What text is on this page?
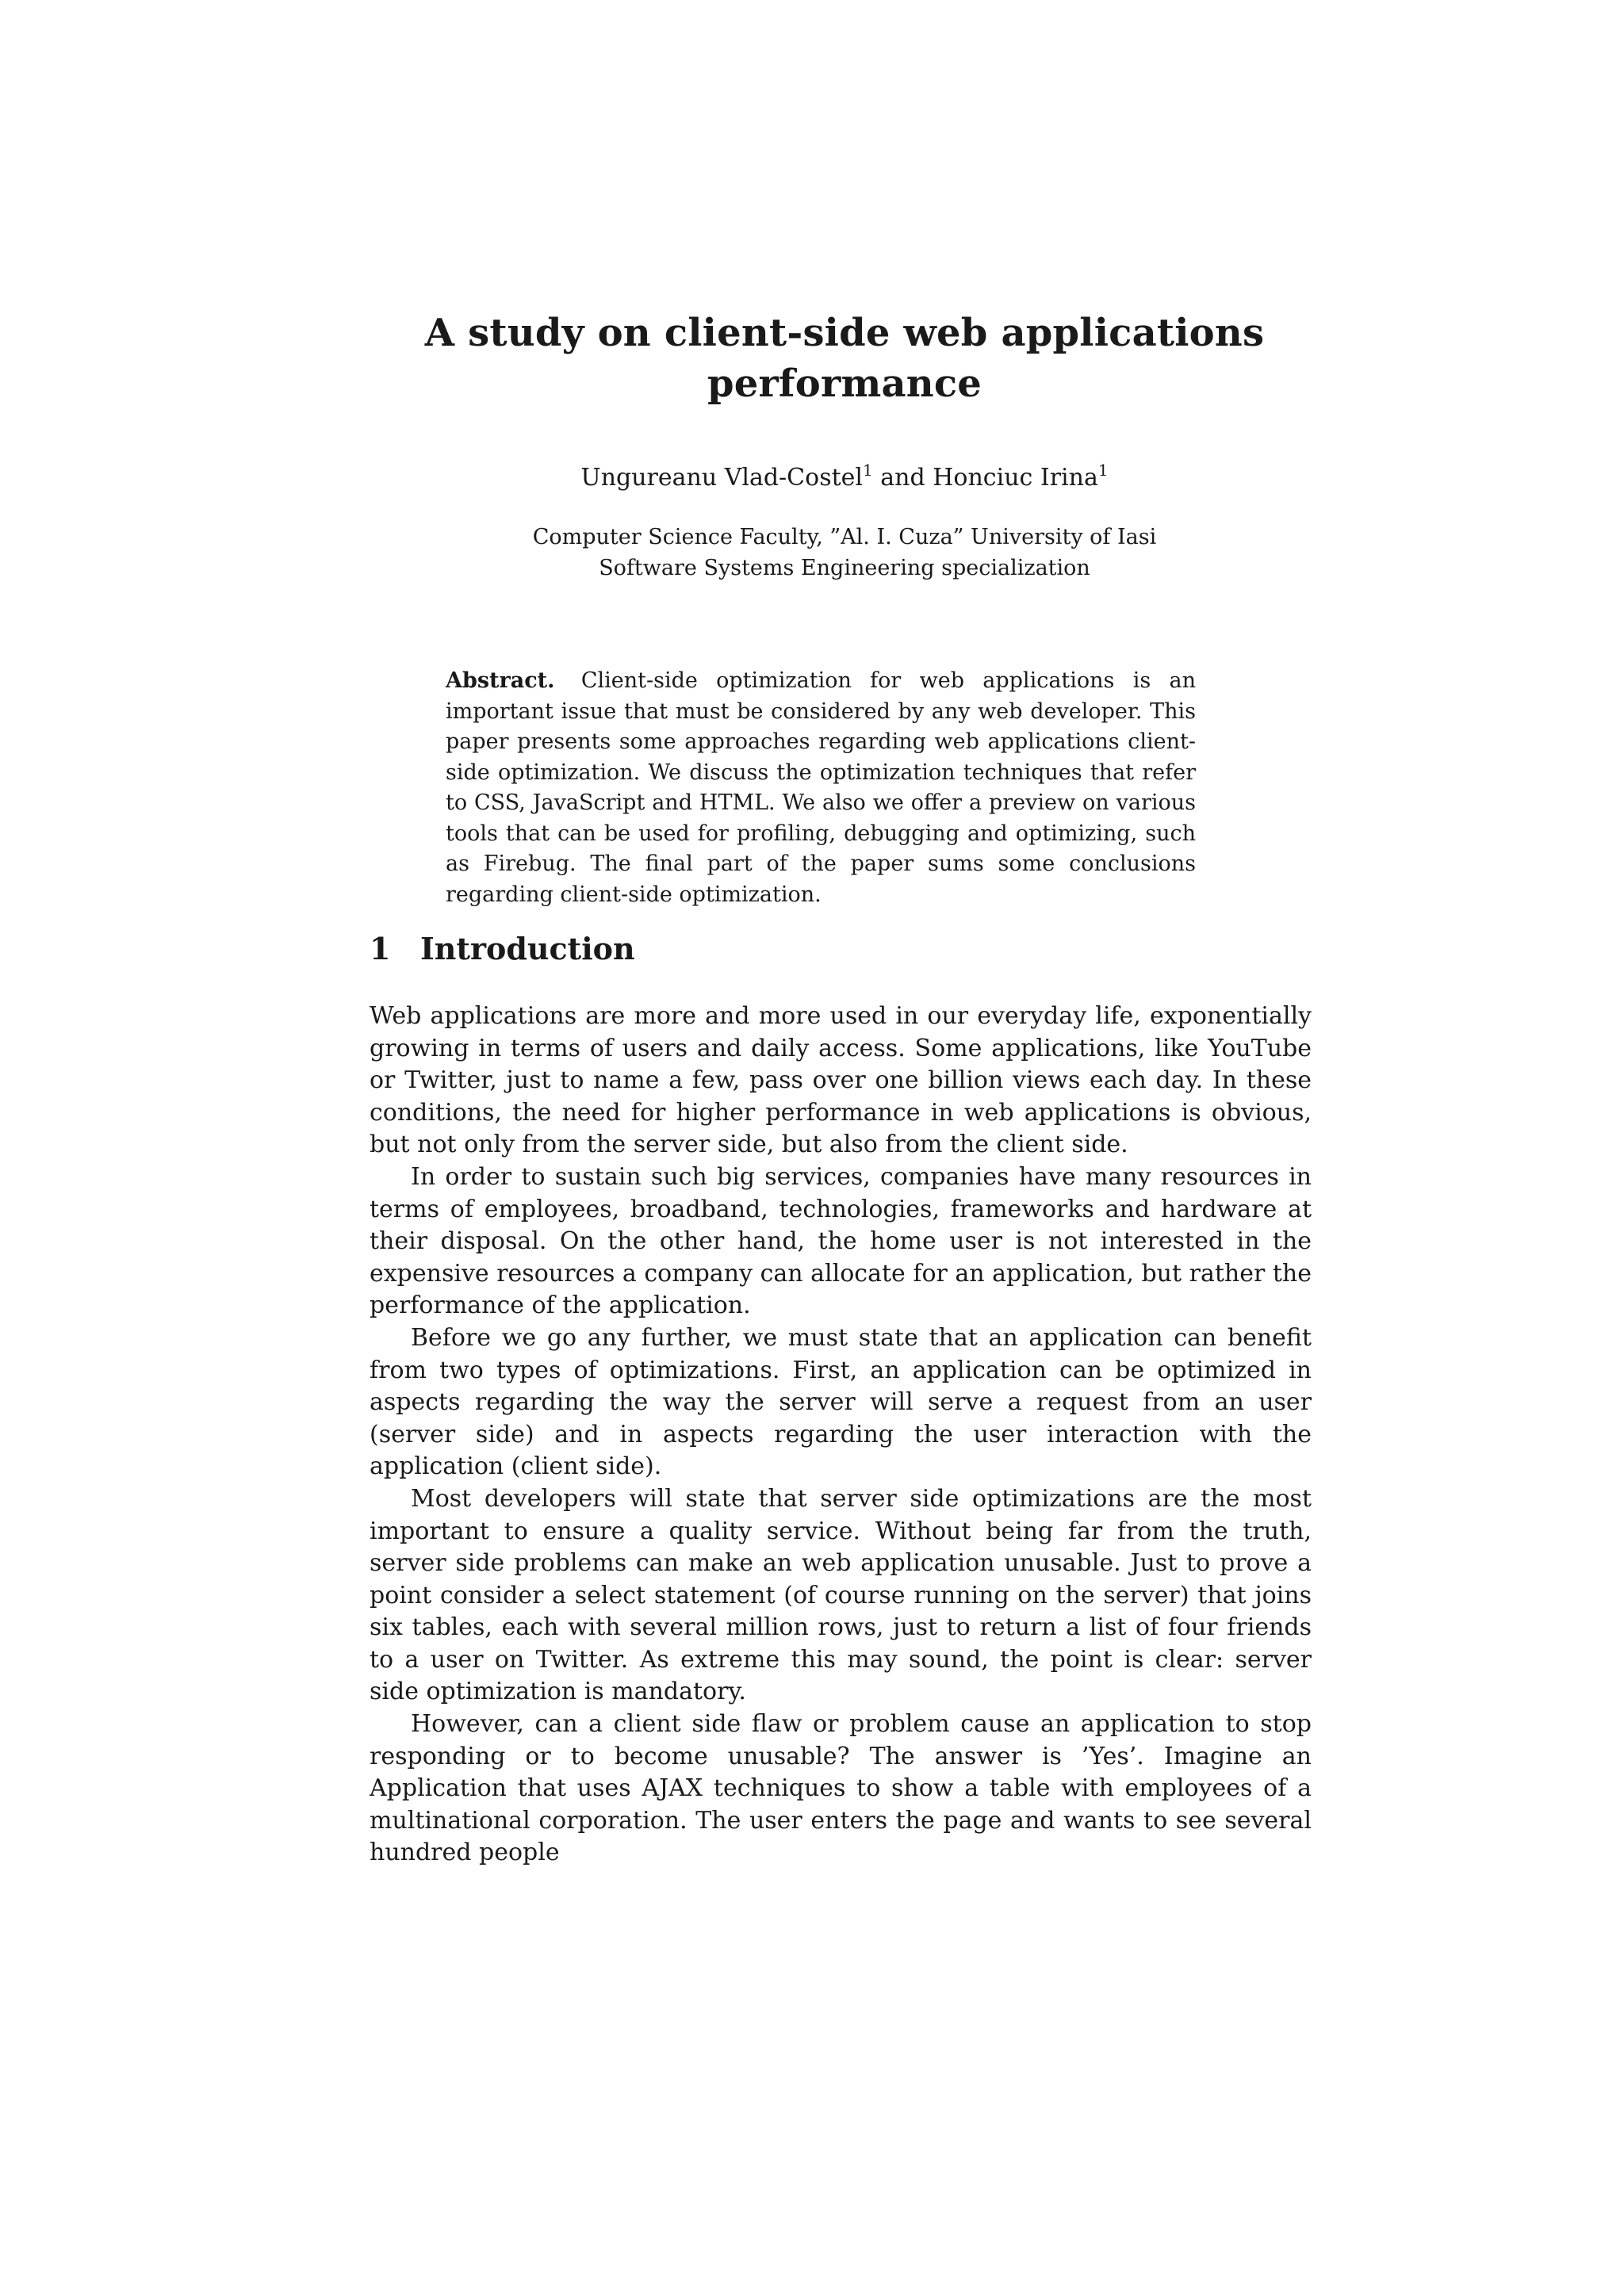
A study on client-side web applications performance
Ungureanu Vlad-Costel$^1$ and Honciuc Irina$^1$
Computer Science Faculty, ”Al. I. Cuza” University of Iasi
Software Systems Engineering specialization
Abstract. Client-side optimization for web applications is an important issue that must be considered by any web developer. This paper presents some approaches regarding web applications client-side optimization. We discuss the optimization techniques that refer to CSS, JavaScript and HTML. We also we offer a preview on various tools that can be used for profiling, debugging and optimizing, such as Firebug. The final part of the paper sums some conclusions regarding client-side optimization.
1 Introduction

Web applications are more and more used in our everyday life, exponentially growing in terms of users and daily access. Some applications, like YouTube or Twitter, just to name a few, pass over one billion views each day. In these conditions, the need for higher performance in web applications is obvious, but not only from the server side, but also from the client side.

In order to sustain such big services, companies have many resources in terms of employees, broadband, technologies, frameworks and hardware at their disposal. On the other hand, the home user is not interested in the expensive resources a company can allocate for an application, but rather the performance of the application.

Before we go any further, we must state that an application can benefit from two types of optimizations. First, an application can be optimized in aspects regarding the way the server will serve a request from an user (server side) and in aspects regarding the user interaction with the application (client side).

Most developers will state that server side optimizations are the most important to ensure a quality service. Without being far from the truth, server side problems can make an web application unusable. Just to prove a point consider a select statement (of course running on the server) that joins six tables, each with several million rows, just to return a list of four friends to a user on Twitter. As extreme this may sound, the point is clear: server side optimization is mandatory.

However, can a client side flaw or problem cause an application to stop responding or to become unusable? The answer is ’Yes’. Imagine an Application that uses AJAX techniques to show a table with employees of a multinational corporation. The user enters the page and wants to see several hundred people
